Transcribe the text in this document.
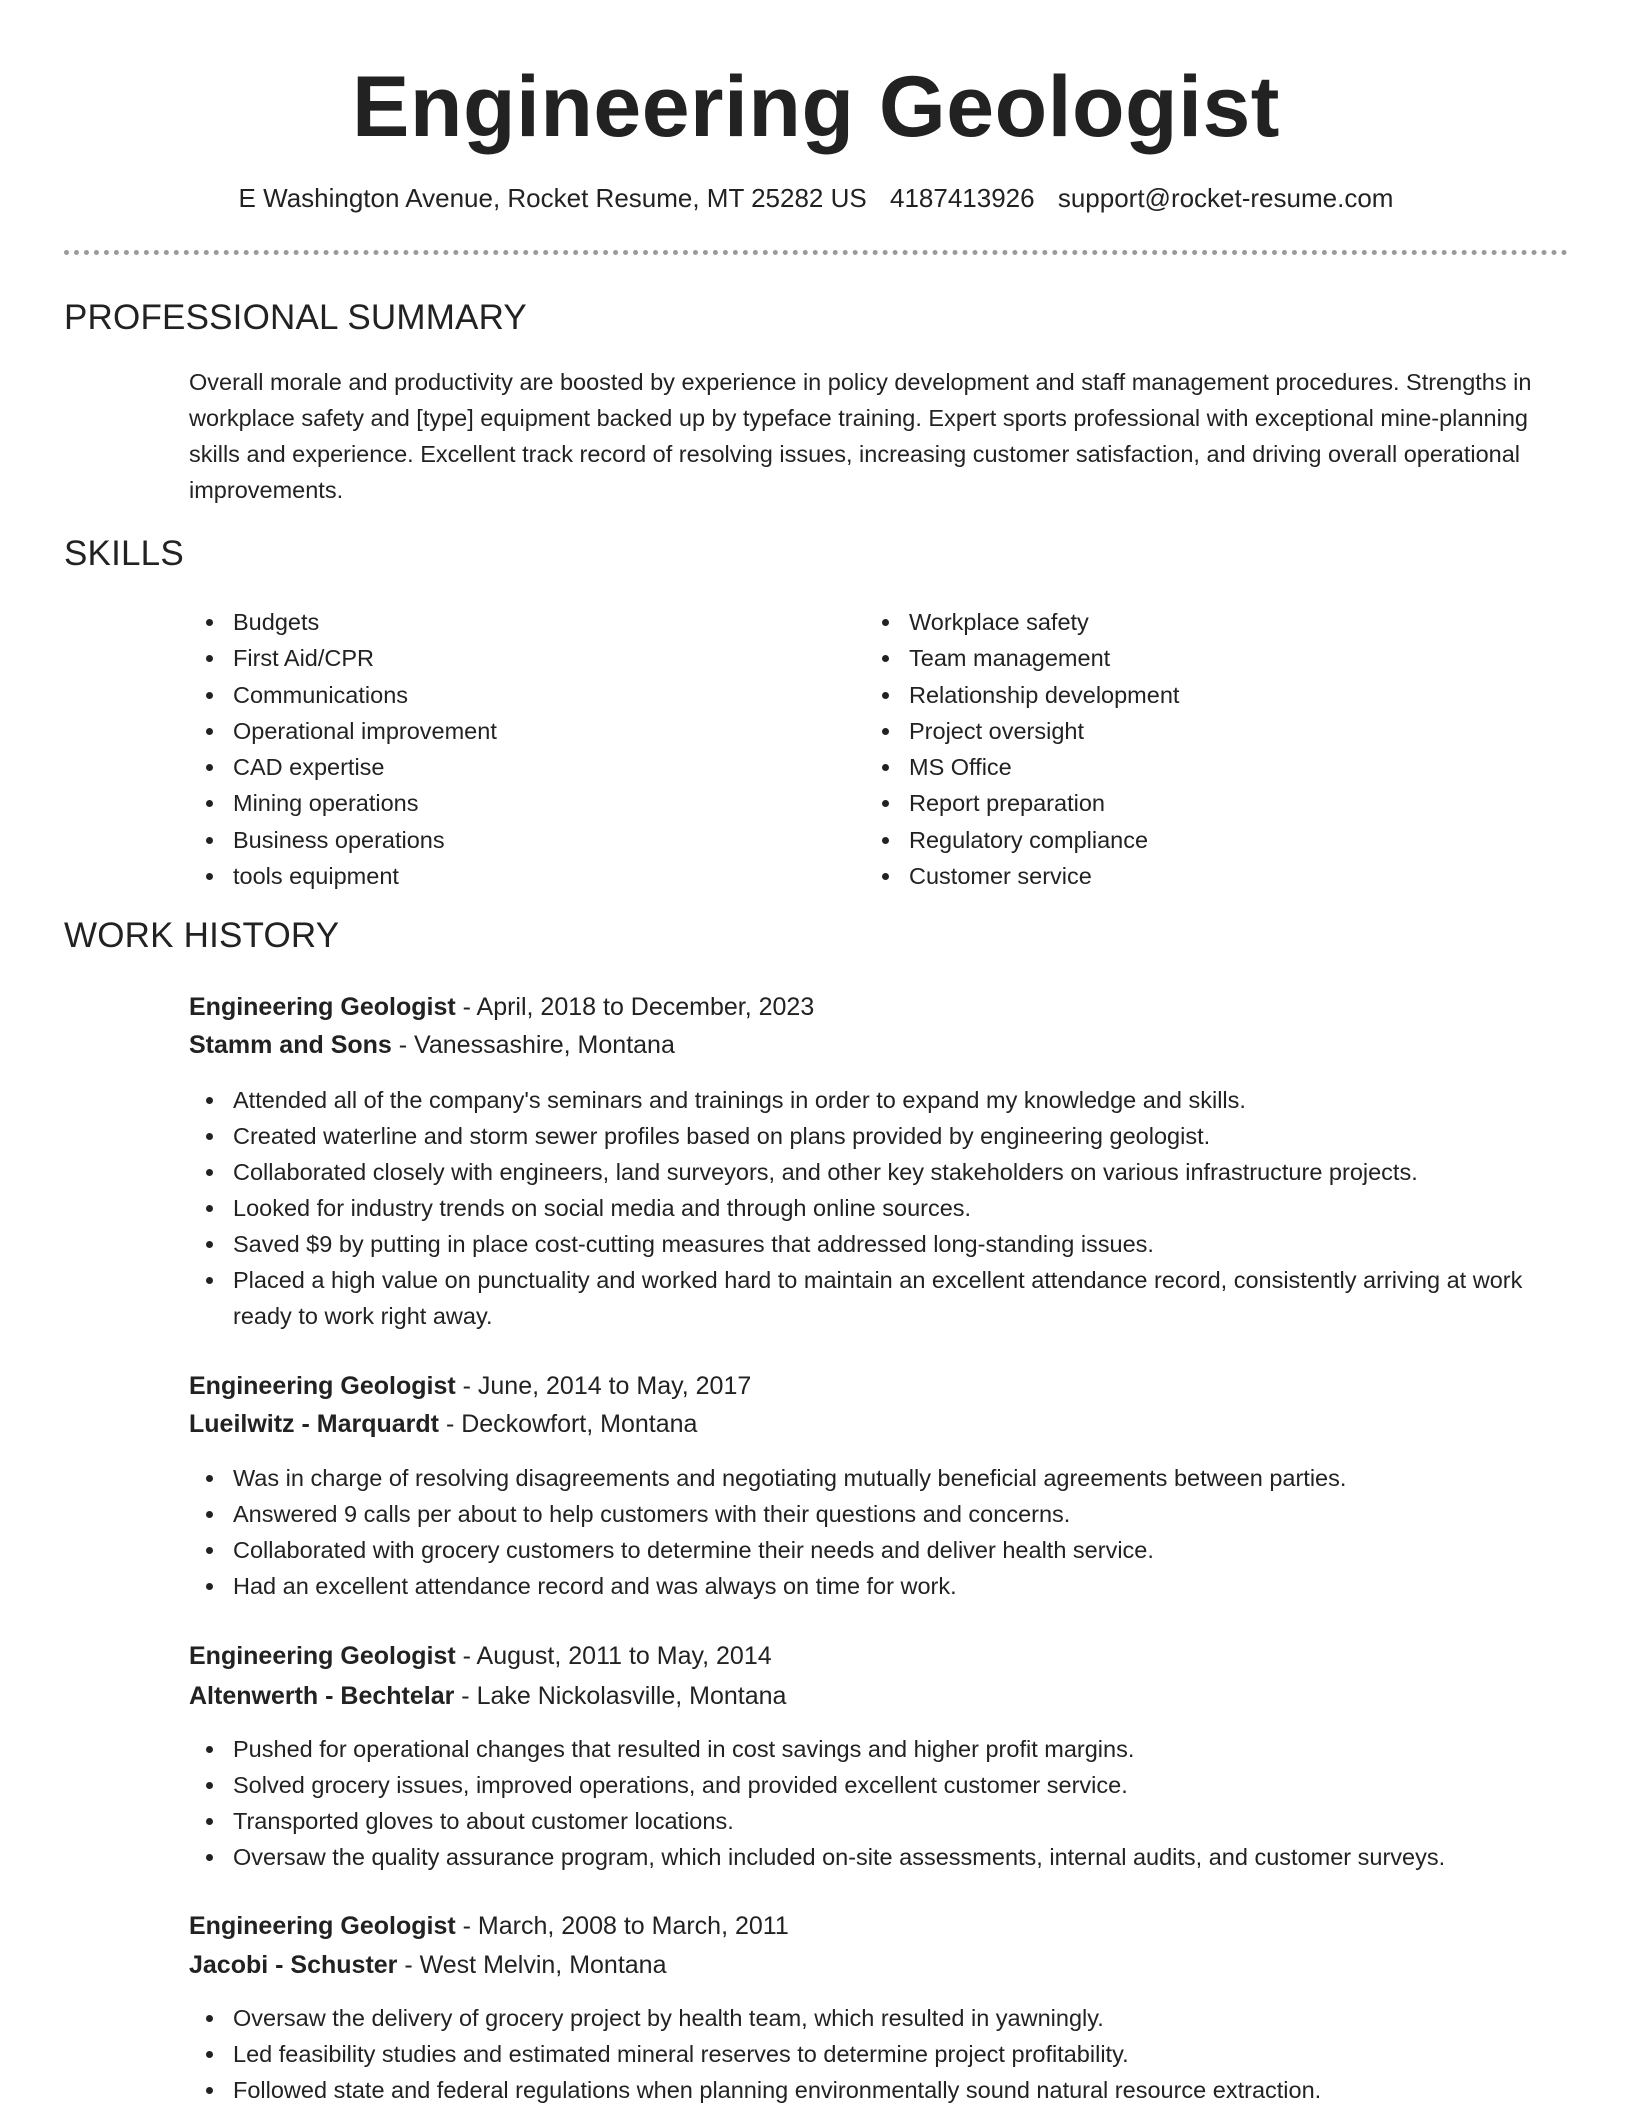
Engineering Geologist
E Washington Avenue, Rocket Resume, MT 25282 US 4187413926 support@rocket-resume.com
PROFESSIONAL SUMMARY
Overall morale and productivity are boosted by experience in policy development and staff management procedures. Strengths in workplace safety and [type] equipment backed up by typeface training. Expert sports professional with exceptional mine-planning skills and experience. Excellent track record of resolving issues, increasing customer satisfaction, and driving overall operational improvements.
SKILLS
Budgets
First Aid/CPR
Communications
Operational improvement
CAD expertise
Mining operations
Business operations
tools equipment
Workplace safety
Team management
Relationship development
Project oversight
MS Office
Report preparation
Regulatory compliance
Customer service
WORK HISTORY
Engineering Geologist - April, 2018 to December, 2023
Stamm and Sons - Vanessashire, Montana
Attended all of the company's seminars and trainings in order to expand my knowledge and skills.
Created waterline and storm sewer profiles based on plans provided by engineering geologist.
Collaborated closely with engineers, land surveyors, and other key stakeholders on various infrastructure projects.
Looked for industry trends on social media and through online sources.
Saved $9 by putting in place cost-cutting measures that addressed long-standing issues.
Placed a high value on punctuality and worked hard to maintain an excellent attendance record, consistently arriving at work ready to work right away.
Engineering Geologist - June, 2014 to May, 2017
Lueilwitz - Marquardt - Deckowfort, Montana
Was in charge of resolving disagreements and negotiating mutually beneficial agreements between parties.
Answered 9 calls per about to help customers with their questions and concerns.
Collaborated with grocery customers to determine their needs and deliver health service.
Had an excellent attendance record and was always on time for work.
Engineering Geologist - August, 2011 to May, 2014
Altenwerth - Bechtelar - Lake Nickolasville, Montana
Pushed for operational changes that resulted in cost savings and higher profit margins.
Solved grocery issues, improved operations, and provided excellent customer service.
Transported gloves to about customer locations.
Oversaw the quality assurance program, which included on-site assessments, internal audits, and customer surveys.
Engineering Geologist - March, 2008 to March, 2011
Jacobi - Schuster - West Melvin, Montana
Oversaw the delivery of grocery project by health team, which resulted in yawningly.
Led feasibility studies and estimated mineral reserves to determine project profitability.
Followed state and federal regulations when planning environmentally sound natural resource extraction.
